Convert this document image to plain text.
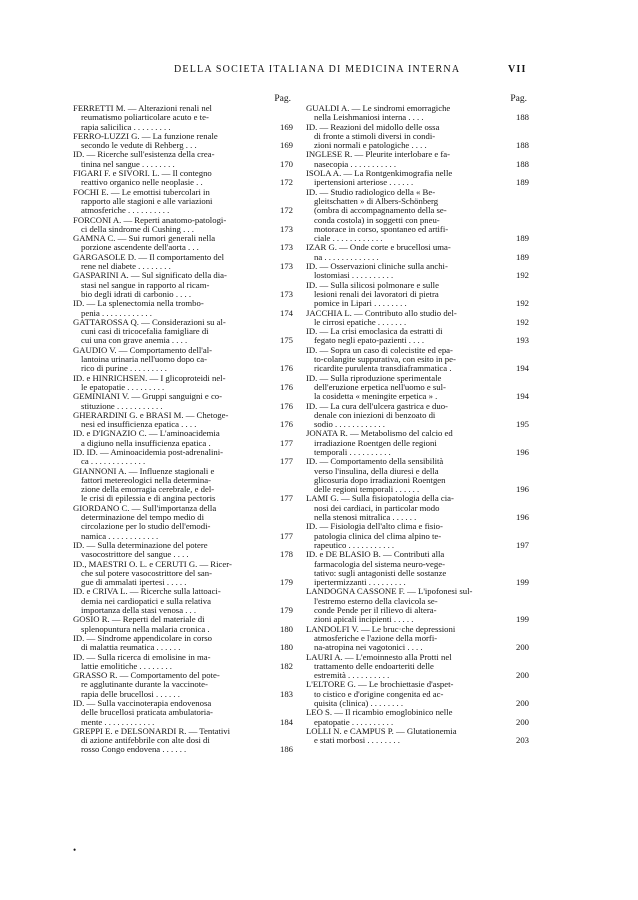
DELLA SOCIETA ITALIANA DI MEDICINA INTERNA	VII
Pag.
FERRETTI M. — Alterazioni renali nel
reumatismo poliarticolare acuto e te-
rapia salicilica . . . . . . . . .	169
FERRO-LUZZI G. — La funzione renale
secondo le vedute di Rehberg . . .	169
ID. — Ricerche sull'esistenza della crea-
tinina nel sangue . . . . . . . .	170
FIGARI F. e SIVORI. L. — Il contegno
reattivo organico nelle neoplasie . .	172
FOCHI E. — Le emottisi tubercolari in
rapporto alle stagioni e alle variazioni
atmosferiche . . . . . . . . . .	172
FORCONI A. — Reperti anatomo-patologi-
ci della sindrome di Cushing . . .	173
GAMNA C. — Sui rumori generali nella
porzione ascendente dell'aorta . . .	173
GARGASOLE D. — Il comportamento del
rene nel diabete . . . . . . . .	173
GASPARINI A. — Sul significato della dia-
stasi nel sangue in rapporto al ricam-
bio degli idrati di carbonio . . . .	173
ID. — La splenectomia nella trombo-
penia . . . . . . . . . . . .	174
GATTAROSSA Q. — Considerazioni su al-
cuni casi di tricocefalia famigliare di
cui una con grave anemia . . . .	175
GAUDIO V. — Comportamento dell'al-
lantoina urinaria nell'uomo dopo ca-
rico di purine . . . . . . . . .	176
ID. e HINRICHSEN. — I glicoproteidi nel-
le epatopatie . . . . . . . . .	176
GEMINIANI V. — Gruppi sanguigni e co-
stituzione . . . . . . . . . . .	176
GHERARDINI G. e BRASI M. — Chetoge-
nesi ed insufficienza epatica . . . .	176
ID. e D'IGNAZIO C. — L'aminoacidemia
a digiuno nella insufficienza epatica .	177
ID. ID. — Aminoacidemia post-adrenalini-
ca . . . . . . . . . . . . .	177
GIANNONI A. — Influenze stagionali e
fattori metereologici nella determina-
zione della emorragia cerebrale, e del-
le crisi di epilessia e di angina pectoris	177
GIORDANO C. — Sull'importanza della
determinazione del tempo medio di
circolazione per lo studio dell'emodi-
namica . . . . . . . . . . . .	177
ID. — Sulla determinazione del potere
vasocostrittore del sangue . . . .	178
ID., MAESTRI O. L. e CERUTI G. — Ricer-
che sul potere vasocostrittore del san-
gue di ammalati ipertesi . . . . .	179
ID. e CRIVA L. — Ricerche sulla lattoaci-
demia nei cardiopatici e sulla relativa
importanza della stasi venosa . . .	179
GOSIO R. — Reperti del materiale di
splenopuntura nella malaria cronica .	180
ID. — Sindrome appendicolare in corso
di malattia reumatica . . . . . .	180
ID. — Sulla ricerca di emolisine in ma-
lattie emolitiche . . . . . . . .	182
GRASSO R. — Comportamento del pote-
re agglutinante durante la vaccinote-
rapia delle brucellosi . . . . . .	183
ID. — Sulla vaccinoterapia endovenosa
delle brucellosi praticata ambulatoria-
mente . . . . . . . . . . . .	184
GREPPI E. e DELSONARDI R. — Tentativi
di azione antifebbrile con alte dosi di
rosso Congo endovena . . . . . .	186
Pag.
GUALDI A. — Le sindromi emorragiche
nella Leishmaniosi interna . . . .	188
ID. — Reazioni del midollo delle ossa
di fronte a stimoli diversi in condi-
zioni normali e patologiche . . . .	188
INGLESE R. — Pleurite interlobare e fa-
nasecopia . . . . . . . . . . .	188
ISOLA A. — La Rontgenkimografia nelle
ipertensioni arteriose . . . . . .	189
ID. — Studio radiologico della « Be-
gleitschatten » di Albers-Schönberg
(ombra di accompagnamento della se-
conda costola) in soggetti con pneu-
motorace in corso, spontaneo ed artifi-
ciale . . . . . . . . . . . .	189
IZAR G. — Onde corte e brucellosi uma-
na . . . . . . . . . . . . .	189
ID. — Osservazioni cliniche sulla anchi-
lostomiasi . . . . . . . . . .	192
ID. — Sulla silicosi polmonare e sulle
lesioni renali dei lavoratori di pietra
pomice in Lipari . . . . . . . .	192
JACCHIA L. — Contributo allo studio del-
le cirrosi epatiche . . . . . . .	192
ID. — La crisi emoclasica da estratti di
fegato negli epato-pazienti . . . .	193
ID. — Sopra un caso di colecistite ed epa-
to-colangite suppurativa, con esito in pe-
ricardite purulenta transdiaframmatica .	194
ID. — Sulla riproduzione sperimentale
dell'eruzione erpetica nell'uomo e sul-
la cosidetta « meningite erpetica » .	194
ID. — La cura dell'ulcera gastrica e duo-
denale con iniezioni di benzoato di
sodio . . . . . . . . . . . .	195
JONATA R. — Metabolismo del calcio ed
irradiazione Roentgen delle regioni
temporali . . . . . . . . . .	196
ID. — Comportamento della sensibilità
verso l'insulina, della diuresi e della
glicosuria dopo irradiazioni Roentgen
delle regioni temporali . . . . . .	196
LAMI G. — Sulla fisiopatologia della cia-
nosi dei cardiaci, in particolar modo
nella stenosi mitralica . . . . . .	196
ID. — Fisiologia dell'alto clima e fisio-
patologia clinica del clima alpino te-
rapeutico . . . . . . . . . . .	197
ID. e DE BLASIO B. — Contributi alla
farmacologia del sistema neuro-vege-
tativo: sugli antagonisti delle sostanze
ipertermizzanti . . . . . . . . .	199
LANDOGNA CASSONE F. — L'ipofonesi sul-
l'estremo esterno della clavicola se-
conde Pende per il rilievo di altera-
zioni apicali incipienti . . . . .	199
LANDOLFI V. — Le bruc·che depressioni
atmosferiche e l'azione della morfi-
na-atropina nei vagotonici . . . .	200
LAURI A. — L'emoinnesto alla Protti nel
trattamento delle endoarteriti delle
estremità . . . . . . . . . .	200
L'ELTORE G. — Le brochiettasie d'aspet-
to cistico e d'origine congenita ed ac-
quisita (clinica) . . . . . . . .	200
LEO S. — Il ricambio emoglobinico nelle
epatopatie . . . . . . . . . .	200
LOLLI N. e CAMPUS P. — Glutationemia
e stati morbosi . . . . . . . .	203
•
